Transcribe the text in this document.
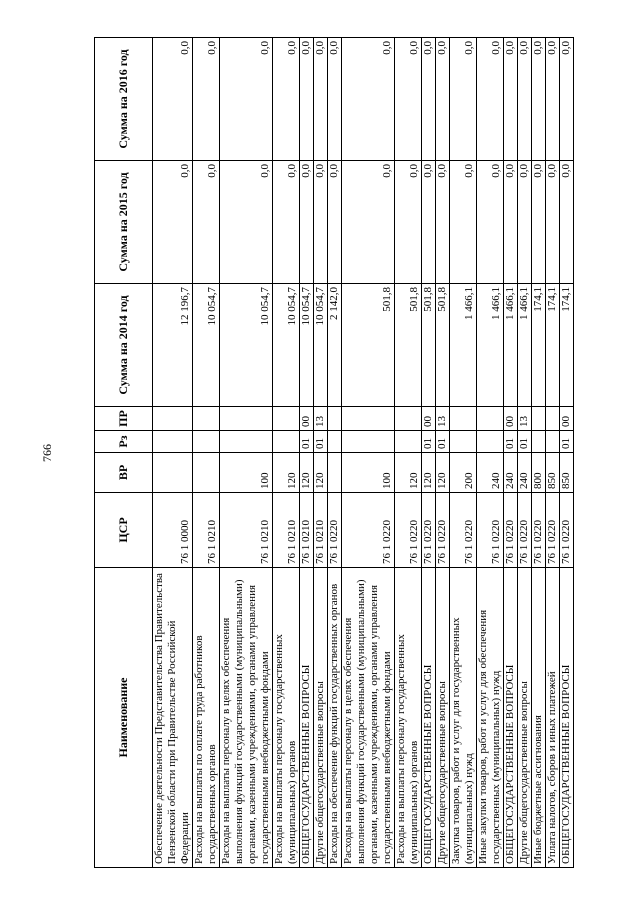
766
Наименование	ЦСР	ВР	Рз	ПР	Сумма на 2014 год	Сумма на 2015 год	Сумма на 2016 год
Обеспечение деятельности Представительства Правительства Пензенской области при Правительстве Российской Федерации	76 1 0000				12 196,7	0,0	0,0
Расходы на выплаты по оплате труда работников государственных органов	76 1 0210				10 054,7	0,0	0,0
Расходы на выплаты персоналу в целях обеспечения выполнения функций государственными (муниципальными) органами, казенными учреждениями, органами управления государственными внебюджетными фондами	76 1 0210	100			10 054,7	0,0	0,0
Расходы на выплаты персоналу государственных (муниципальных) органов	76 1 0210	120			10 054,7	0,0	0,0
ОБЩЕГОСУДАРСТВЕННЫЕ ВОПРОСЫ	76 1 0210	120	01	00	10 054,7	0,0	0,0
Другие общегосударственные вопросы	76 1 0210	120	01	13	10 054,7	0,0	0,0
Расходы на обеспечение функций государственных органов	76 1 0220				2 142,0	0,0	0,0
Расходы на выплаты персоналу в целях обеспечения выполнения функций государственными (муниципальными) органами, казенными учреждениями, органами управления государственными внебюджетными фондами	76 1 0220	100			501,8	0,0	0,0
Расходы на выплаты персоналу государственных (муниципальных) органов	76 1 0220	120			501,8	0,0	0,0
ОБЩЕГОСУДАРСТВЕННЫЕ ВОПРОСЫ	76 1 0220	120	01	00	501,8	0,0	0,0
Другие общегосударственные вопросы	76 1 0220	120	01	13	501,8	0,0	0,0
Закупка товаров, работ и услуг для государственных (муниципальных) нужд	76 1 0220	200			1 466,1	0,0	0,0
Иные закупки товаров, работ и услуг для обеспечения государственных (муниципальных) нужд	76 1 0220	240			1 466,1	0,0	0,0
ОБЩЕГОСУДАРСТВЕННЫЕ ВОПРОСЫ	76 1 0220	240	01	00	1 466,1	0,0	0,0
Другие общегосударственные вопросы	76 1 0220	240	01	13	1 466,1	0,0	0,0
Иные бюджетные ассигнования	76 1 0220	800			174,1	0,0	0,0
Уплата налогов, сборов и иных платежей	76 1 0220	850			174,1	0,0	0,0
ОБЩЕГОСУДАРСТВЕННЫЕ ВОПРОСЫ	76 1 0220	850	01	00	174,1	0,0	0,0
